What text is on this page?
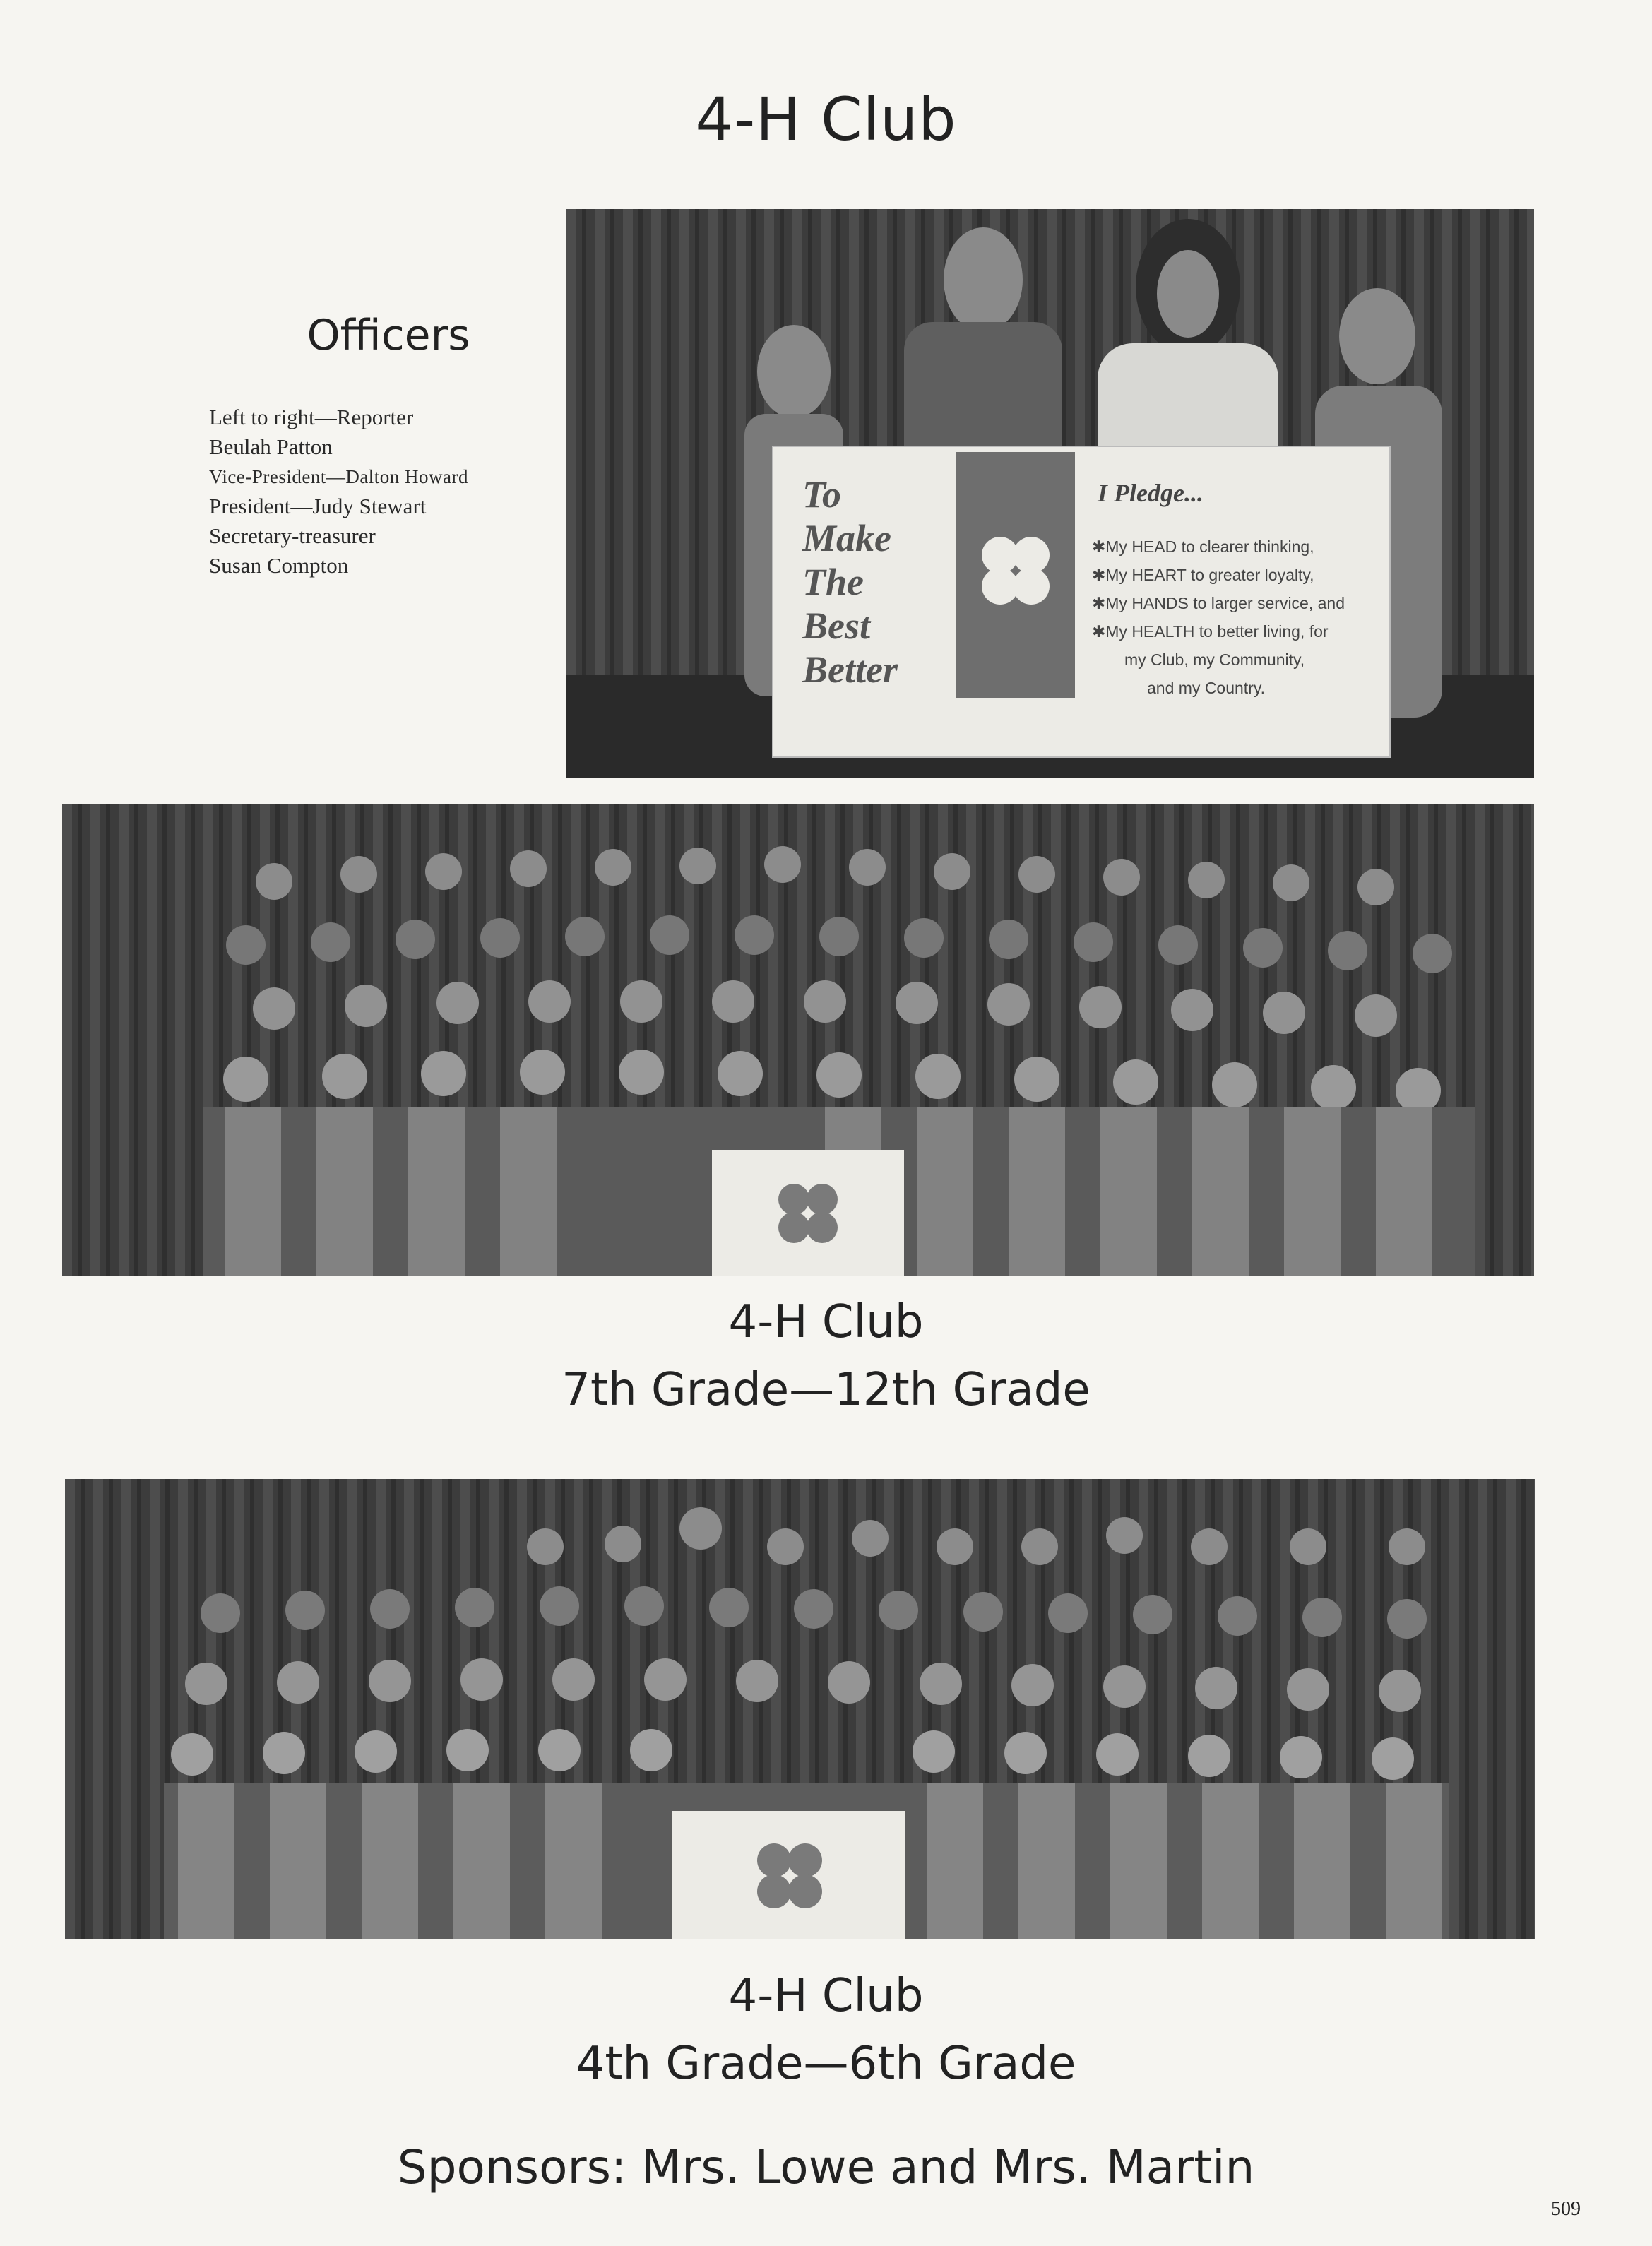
4-H Club
Officers
Left to right—Reporter
Beulah Patton
Vice-President—Dalton Howard
President—Judy Stewart
Secretary-treasurer
Susan Compton
To
Make
The
Best
Better
I Pledge...
✱My HEAD to clearer thinking,
✱My HEART to greater loyalty,
✱My HANDS to larger service, and
✱My HEALTH to better living, for
my Club, my Community,
and my Country.
4-H Club
7th Grade—12th Grade
4-H Club
4th Grade—6th Grade
Sponsors: Mrs. Lowe and Mrs. Martin
509
